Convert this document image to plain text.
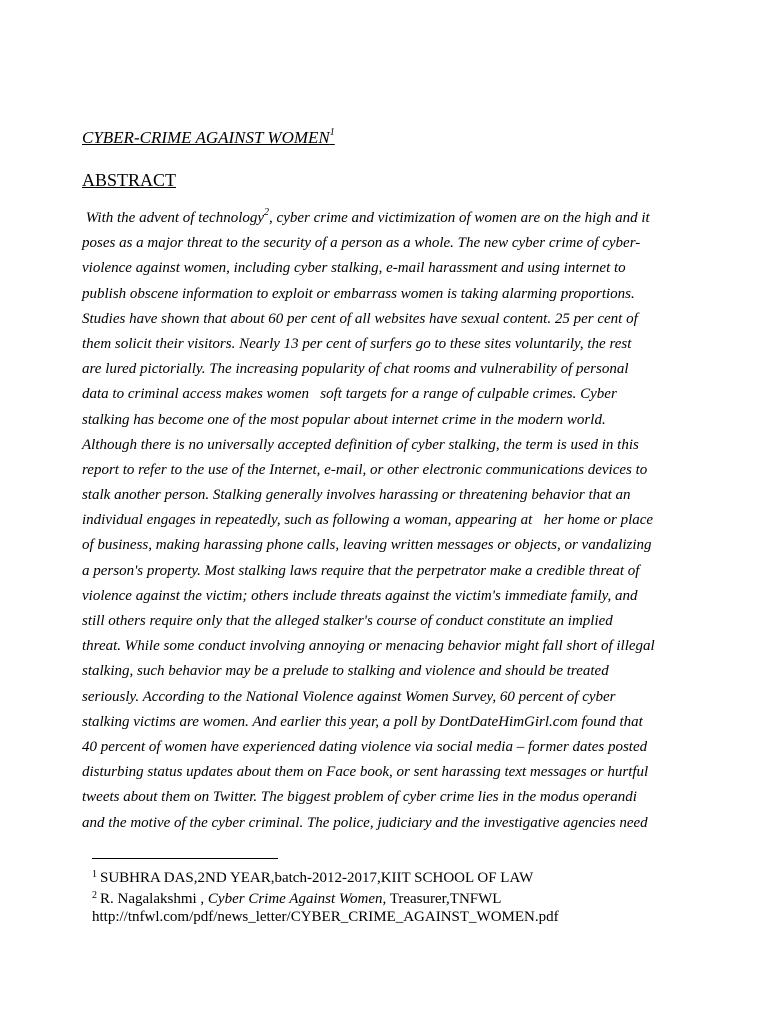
CYBER-CRIME AGAINST WOMEN$^1$
ABSTRACT
With the advent of technology$^2$, cyber crime and victimization of women are on the high and it
poses as a major threat to the security of a person as a whole. The new cyber crime of cyber-
violence against women, including cyber stalking, e-mail harassment and using internet to
publish obscene information to exploit or embarrass women is taking alarming proportions.
Studies have shown that about 60 per cent of all websites have sexual content. 25 per cent of
them solicit their visitors. Nearly 13 per cent of surfers go to these sites voluntarily, the rest
are lured pictorially. The increasing popularity of chat rooms and vulnerability of personal
data to criminal access makes women   soft targets for a range of culpable crimes. Cyber
stalking has become one of the most popular about internet crime in the modern world.
Although there is no universally accepted definition of cyber stalking, the term is used in this
report to refer to the use of the Internet, e-mail, or other electronic communications devices to
stalk another person. Stalking generally involves harassing or threatening behavior that an
individual engages in repeatedly, such as following a woman, appearing at   her home or place
of business, making harassing phone calls, leaving written messages or objects, or vandalizing
a person's property. Most stalking laws require that the perpetrator make a credible threat of
violence against the victim; others include threats against the victim's immediate family, and
still others require only that the alleged stalker's course of conduct constitute an implied
threat. While some conduct involving annoying or menacing behavior might fall short of illegal
stalking, such behavior may be a prelude to stalking and violence and should be treated
seriously. According to the National Violence against Women Survey, 60 percent of cyber
stalking victims are women. And earlier this year, a poll by DontDateHimGirl.com found that
40 percent of women have experienced dating violence via social media – former dates posted
disturbing status updates about them on Face book, or sent harassing text messages or hurtful
tweets about them on Twitter. The biggest problem of cyber crime lies in the modus operandi
and the motive of the cyber criminal. The police, judiciary and the investigative agencies need
$^1$ SUBHRA DAS,2ND YEAR,batch-2012-2017,KIIT SCHOOL OF LAW
$^2$ R. Nagalakshmi , Cyber Crime Against Women, Treasurer,TNFWL
http://tnfwl.com/pdf/news_letter/CYBER_CRIME_AGAINST_WOMEN.pdf
